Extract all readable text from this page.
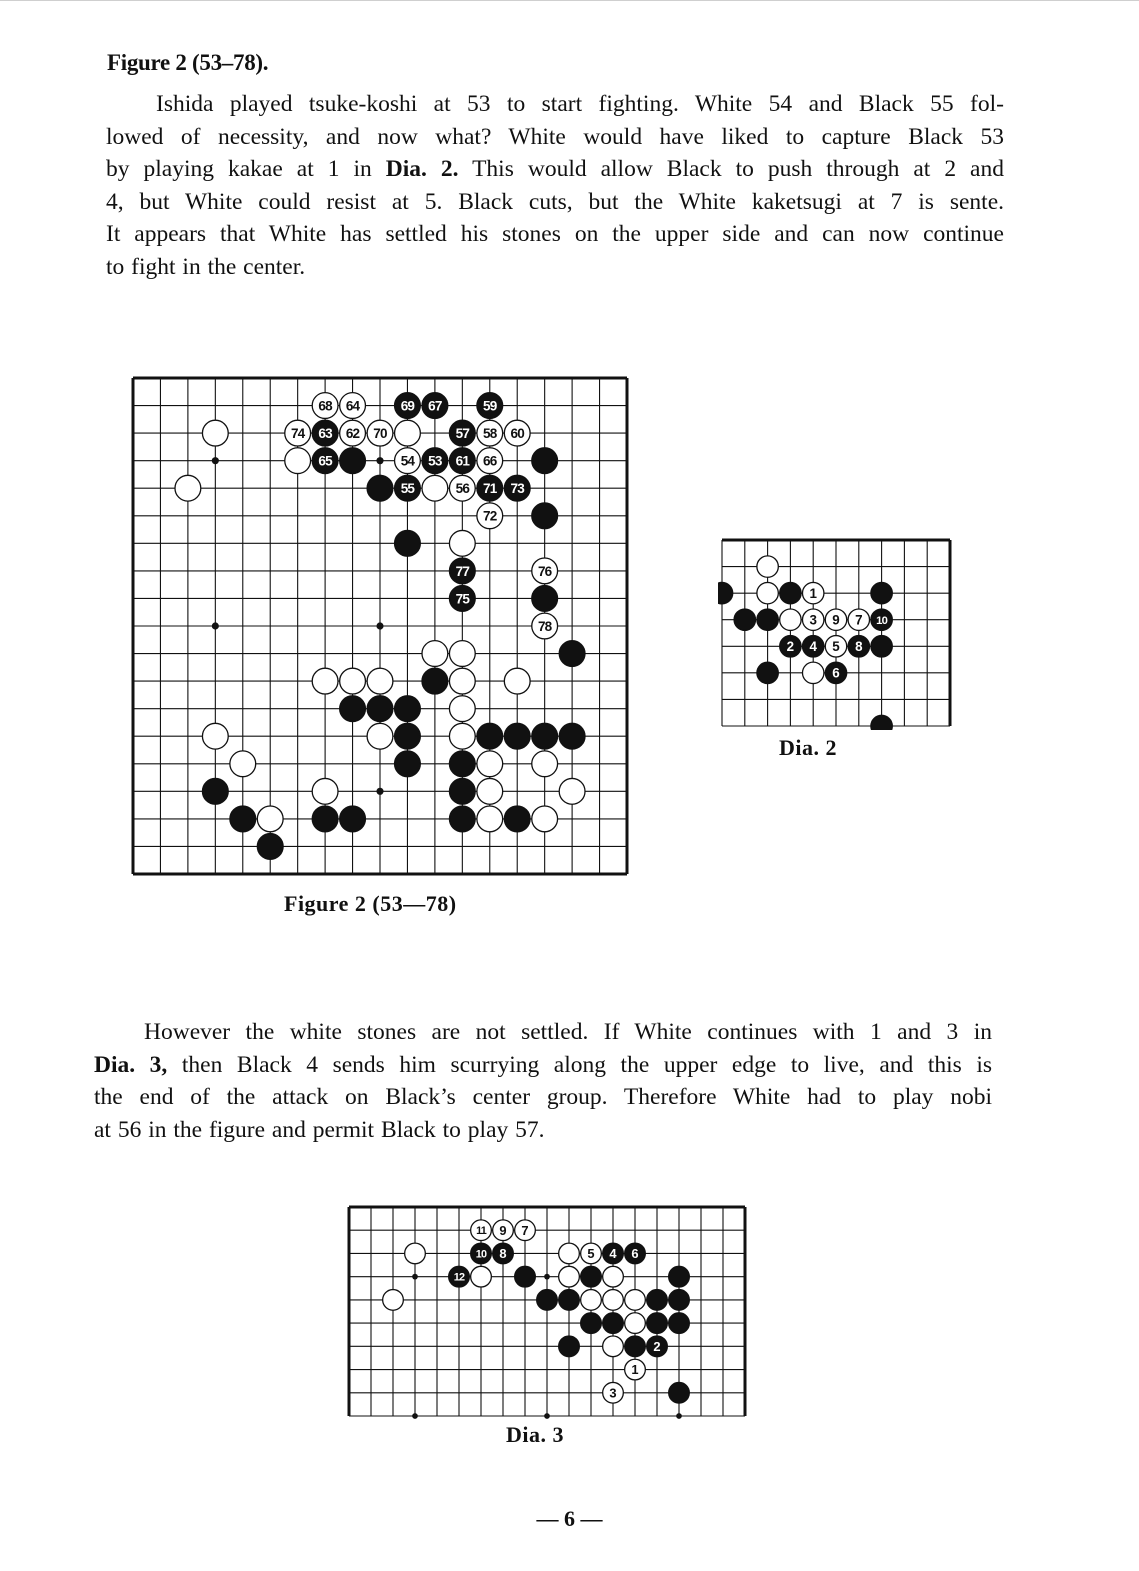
Figure 2 (53–78).
Ishida played tsuke-koshi at 53 to start fighting. White 54 and Black 55 fol-
lowed of necessity, and now what? White would have liked to capture Black 53
by playing kakae at 1 in Dia. 2. This would allow Black to push through at 2 and
4, but White could resist at 5. Black cuts, but the White kaketsugi at 7 is sente.
It appears that White has settled his stones on the upper side and can now continue
to fight in the center.
68 64	69 67	59
74 63 62 70	57 58 60
65	54 53 61 66
55	56 71 73
72
77	76
75
78
Figure 2 (53—78)
1
3 9 7 10
2 4 5 8
6
Dia. 2
However the white stones are not settled. If White continues with 1 and 3 in
Dia. 3, then Black 4 sends him scurrying along the upper edge to live, and this is
the end of the attack on Black’s center group. Therefore White had to play nobi
at 56 in the figure and permit Black to play 57.
11 9 7
10 8	5 4 6
12
2
1
3
Dia. 3
— 6 —
